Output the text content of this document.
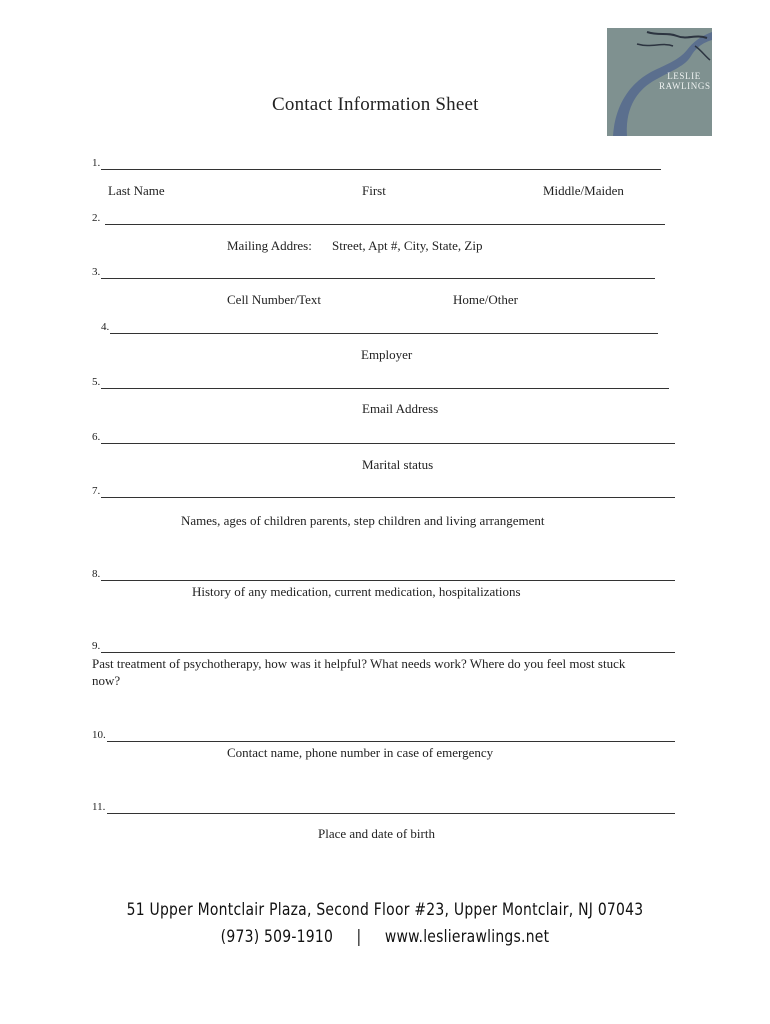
LESLIE
RAWLINGS
Contact Information Sheet
1.
Last Name	First	Middle/Maiden
2.
Mailing Addres: Street, Apt #, City, State, Zip
3.
Cell Number/Text	Home/Other
4.
Employer
5.
Email Address
6.
Marital status
7.
Names, ages of children parents, step children and living arrangement
8.
History of any medication, current medication, hospitalizations
9.
Past treatment of psychotherapy, how was it helpful? What needs work? Where do you feel most stuck
now?
10.
Contact name, phone number in case of emergency
11.
Place and date of birth
51 Upper Montclair Plaza, Second Floor #23, Upper Montclair, NJ 07043
(973) 509-1910     |     www.leslierawlings.net
